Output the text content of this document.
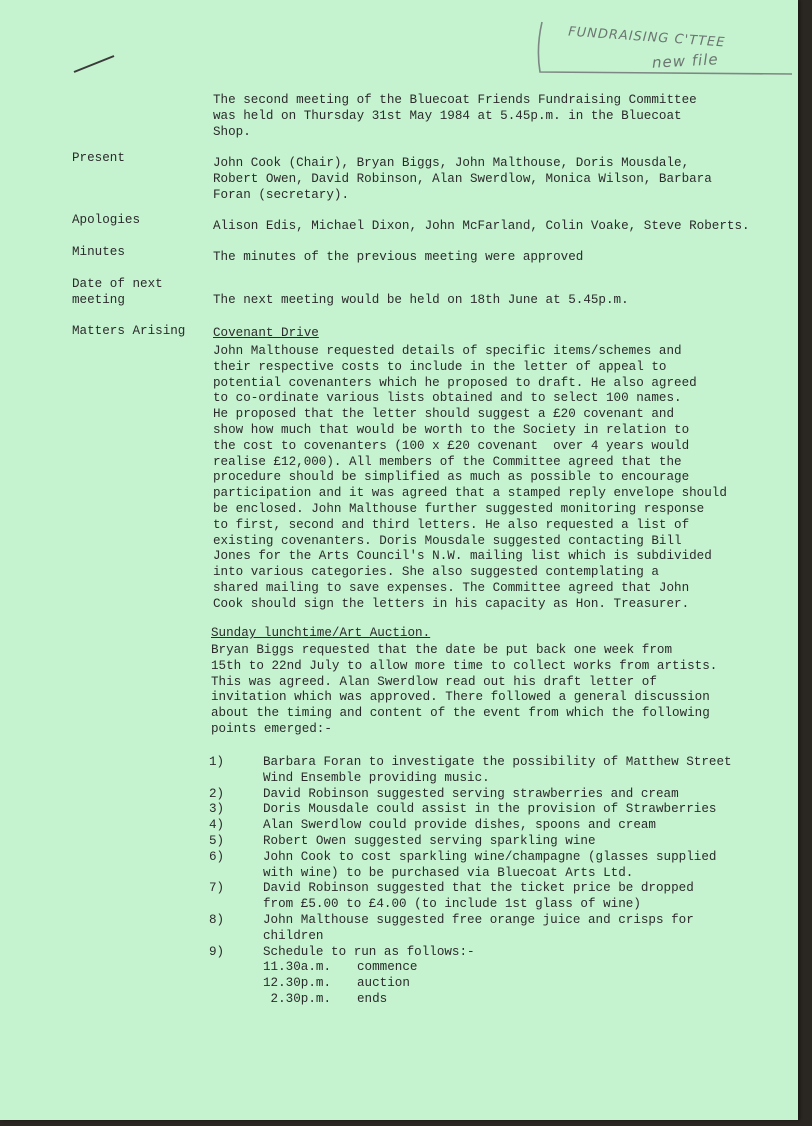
FUNDRAISING C'TTEE
new file
The second meeting of the Bluecoat Friends Fundraising Committee
was held on Thursday 31st May 1984 at 5.45p.m. in the Bluecoat
Shop.
Present	John Cook (Chair), Bryan Biggs, John Malthouse, Doris Mousdale,
Robert Owen, David Robinson, Alan Swerdlow, Monica Wilson, Barbara
Foran (secretary).
Apologies	Alison Edis, Michael Dixon, John McFarland, Colin Voake, Steve Roberts.
Minutes	The minutes of the previous meeting were approved
Date of next
meeting	The next meeting would be held on 18th June at 5.45p.m.
Matters Arising Covenant Drive
John Malthouse requested details of specific items/schemes and
their respective costs to include in the letter of appeal to
potential covenanters which he proposed to draft. He also agreed
to co-ordinate various lists obtained and to select 100 names.
He proposed that the letter should suggest a £20 covenant and
show how much that would be worth to the Society in relation to
the cost to covenanters (100 x £20 covenant  over 4 years would
realise £12,000). All members of the Committee agreed that the
procedure should be simplified as much as possible to encourage
participation and it was agreed that a stamped reply envelope should
be enclosed. John Malthouse further suggested monitoring response
to first, second and third letters. He also requested a list of
existing covenanters. Doris Mousdale suggested contacting Bill
Jones for the Arts Council's N.W. mailing list which is subdivided
into various categories. She also suggested contemplating a
shared mailing to save expenses. The Committee agreed that John
Cook should sign the letters in his capacity as Hon. Treasurer.
Sunday lunchtime/Art Auction.
Bryan Biggs requested that the date be put back one week from
15th to 22nd July to allow more time to collect works from artists.
This was agreed. Alan Swerdlow read out his draft letter of
invitation which was approved. There followed a general discussion
about the timing and content of the event from which the following
points emerged:-
1)	Barbara Foran to investigate the possibility of Matthew Street
Wind Ensemble providing music.
2)	David Robinson suggested serving strawberries and cream
3)	Doris Mousdale could assist in the provision of Strawberries
4)	Alan Swerdlow could provide dishes, spoons and cream
5)	Robert Owen suggested serving sparkling wine
6)	John Cook to cost sparkling wine/champagne (glasses supplied
with wine) to be purchased via Bluecoat Arts Ltd.
7)	David Robinson suggested that the ticket price be dropped
from £5.00 to £4.00 (to include 1st glass of wine)
8)	John Malthouse suggested free orange juice and crisps for
children
9)	Schedule to run as follows:-
11.30a.m. commence
12.30p.m. auction
2.30p.m. ends
